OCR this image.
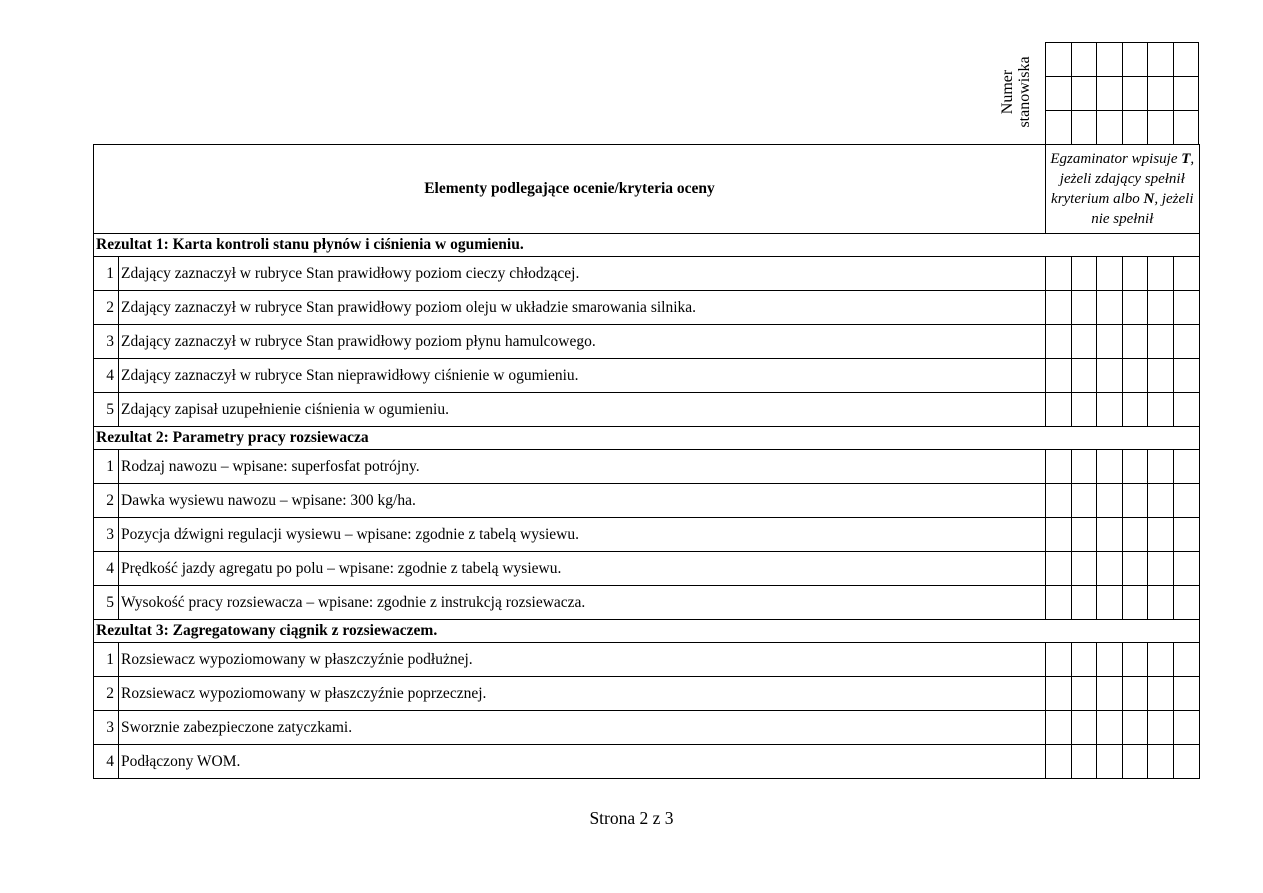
Numer stanowiska

Elementy podlegające ocenie/kryteria oceny		Egzaminator wpisuje T, jeżeli zdający spełnił kryterium albo N, jeżeli nie spełnił					
Rezultat 1: Karta kontroli stanu płynów i ciśnienia w ogumieniu.							
1	Zdający zaznaczył w rubryce Stan prawidłowy poziom cieczy chłodzącej.						
2	Zdający zaznaczył w rubryce Stan prawidłowy poziom oleju w układzie smarowania silnika.						
3	Zdający zaznaczył w rubryce Stan prawidłowy poziom płynu hamulcowego.						
4	Zdający zaznaczył w rubryce Stan nieprawidłowy ciśnienie w ogumieniu.						
5	Zdający zapisał uzupełnienie ciśnienia w ogumieniu.						
Rezultat 2: Parametry pracy rozsiewacza							
1	Rodzaj nawozu – wpisane: superfosfat potrójny.						
2	Dawka wysiewu nawozu – wpisane: 300 kg/ha.						
3	Pozycja dźwigni regulacji wysiewu – wpisane: zgodnie z tabelą wysiewu.						
4	Prędkość jazdy agregatu po polu – wpisane: zgodnie z tabelą wysiewu.						
5	Wysokość pracy rozsiewacza – wpisane: zgodnie z instrukcją rozsiewacza.						
Rezultat 3: Zagregatowany ciągnik z rozsiewaczem.							
1	Rozsiewacz wypoziomowany w płaszczyźnie podłużnej.						
2	Rozsiewacz wypoziomowany w płaszczyźnie poprzecznej.						
3	Sworznie zabezpieczone zatyczkami.						
4	Podłączony WOM.						
Strona 2 z 3
